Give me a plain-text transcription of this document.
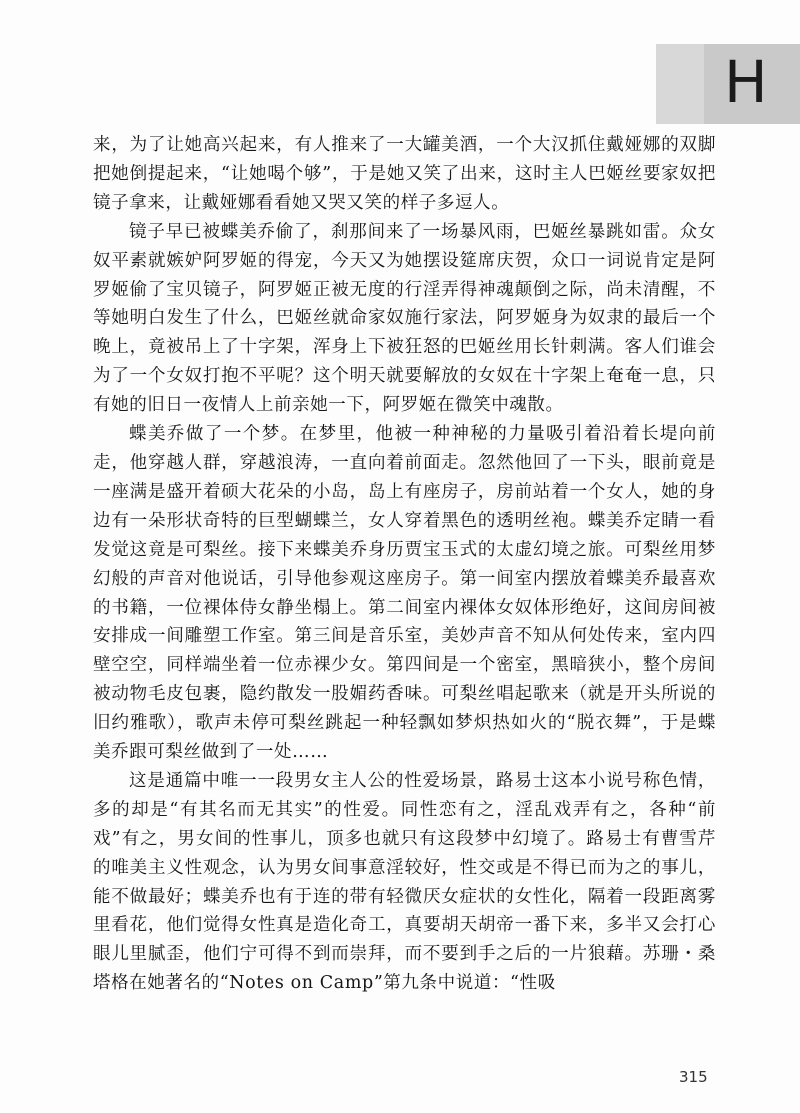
H

来，为了让她高兴起来，有人推来了一大罐美酒，一个大汉抓住戴娅娜的双脚把她倒提起来，“让她喝个够”，于是她又笑了出来，这时主人巴姬丝要家奴把镜子拿来，让戴娅娜看看她又哭又笑的样子多逗人。

镜子早已被蝶美乔偷了，刹那间来了一场暴风雨，巴姬丝暴跳如雷。众女奴平素就嫉妒阿罗姬的得宠，今天又为她摆设筵席庆贺，众口一词说肯定是阿罗姬偷了宝贝镜子，阿罗姬正被无度的行淫弄得神魂颠倒之际，尚未清醒，不等她明白发生了什么，巴姬丝就命家奴施行家法，阿罗姬身为奴隶的最后一个晚上，竟被吊上了十字架，浑身上下被狂怒的巴姬丝用长针刺满。客人们谁会为了一个女奴打抱不平呢？这个明天就要解放的女奴在十字架上奄奄一息，只有她的旧日一夜情人上前亲她一下，阿罗姬在微笑中魂散。

蝶美乔做了一个梦。在梦里，他被一种神秘的力量吸引着沿着长堤向前走，他穿越人群，穿越浪涛，一直向着前面走。忽然他回了一下头，眼前竟是一座满是盛开着硕大花朵的小岛，岛上有座房子，房前站着一个女人，她的身边有一朵形状奇特的巨型蝴蝶兰，女人穿着黑色的透明丝袍。蝶美乔定睛一看发觉这竟是可梨丝。接下来蝶美乔身历贾宝玉式的太虚幻境之旅。可梨丝用梦幻般的声音对他说话，引导他参观这座房子。第一间室内摆放着蝶美乔最喜欢的书籍，一位裸体侍女静坐榻上。第二间室内裸体女奴体形绝好，这间房间被安排成一间雕塑工作室。第三间是音乐室，美妙声音不知从何处传来，室内四壁空空，同样端坐着一位赤裸少女。第四间是一个密室，黑暗狭小，整个房间被动物毛皮包裹，隐约散发一股媚药香味。可梨丝唱起歌来（就是开头所说的旧约雅歌），歌声未停可梨丝跳起一种轻飘如梦炽热如火的“脱衣舞”，于是蝶美乔跟可梨丝做到了一处……

这是通篇中唯一一段男女主人公的性爱场景，路易士这本小说号称色情，多的却是“有其名而无其实”的性爱。同性恋有之，淫乱戏弄有之，各种“前戏”有之，男女间的性事儿，顶多也就只有这段梦中幻境了。路易士有曹雪芹的唯美主义性观念，认为男女间事意淫较好，性交或是不得已而为之的事儿，能不做最好；蝶美乔也有于连的带有轻微厌女症状的女性化，隔着一段距离雾里看花，他们觉得女性真是造化奇工，真要胡天胡帝一番下来，多半又会打心眼儿里腻歪，他们宁可得不到而崇拜，而不要到手之后的一片狼藉。苏珊・桑塔格在她著名的“Notes on Camp”第九条中说道：“性吸

315
